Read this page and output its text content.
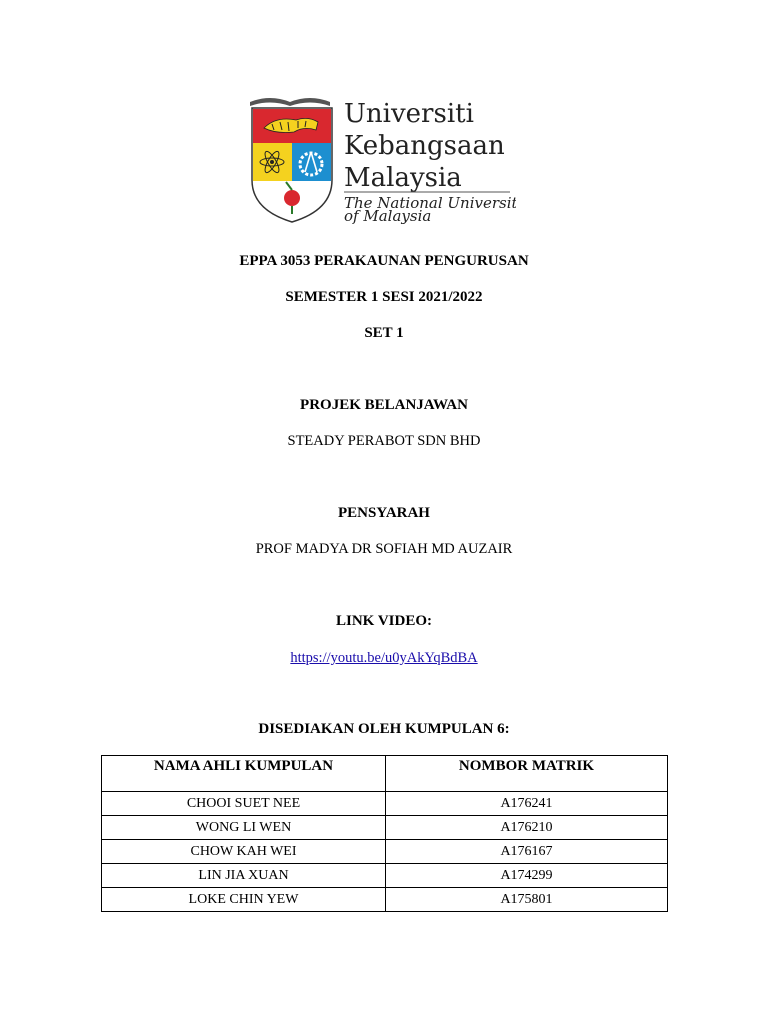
Universiti
Kebangsaan
Malaysia
The National University
of Malaysia
EPPA 3053 PERAKAUNAN PENGURUSAN
SEMESTER 1 SESI 2021/2022
SET 1
PROJEK BELANJAWAN
STEADY PERABOT SDN BHD
PENSYARAH
PROF MADYA DR SOFIAH MD AUZAIR
LINK VIDEO:
https://youtu.be/u0yAkYqBdBA
DISEDIAKAN OLEH KUMPULAN 6:
NAMA AHLI KUMPULAN	NOMBOR MATRIK
CHOOI SUET NEE	A176241
WONG LI WEN	A176210
CHOW KAH WEI	A176167
LIN JIA XUAN	A174299
LOKE CHIN YEW	A175801
